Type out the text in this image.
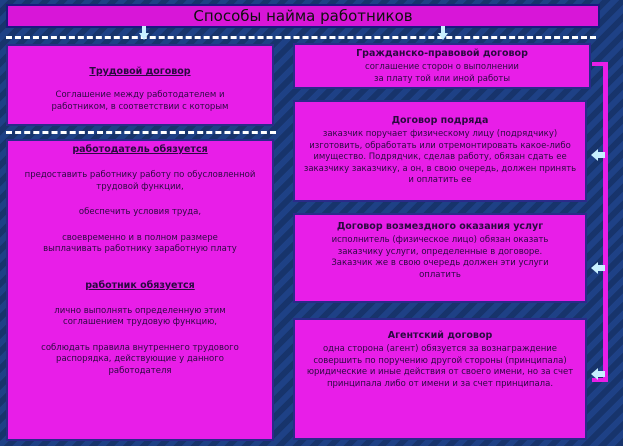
Способы найма работников
Трудовой договор
Соглашение между работодателем и работником, в соответствии с которым
работодатель обязуется
предоставить работнику работу по обусловленной трудовой функции,
обеспечить условия труда,
своевременно и в полном размере выплачивать работнику заработную плату
работник обязуется
лично выполнять определенную этим соглашением трудовую функцию,
соблюдать правила внутреннего трудового распорядка, действующие у данного работодателя
Гражданско-правовой договор
соглашение сторон о выполнении за плату той или иной работы
Договор подряда
заказчик поручает физическому лицу (подрядчику) изготовить, обработать или отремонтировать какое-либо имущество. Подрядчик, сделав работу, обязан сдать ее заказчику заказчику, а он, в свою очередь, должен принять и оплатить ее
Договор возмездного оказания услуг
исполнитель (физическое лицо) обязан оказать заказчику услуги, определенные в договоре. Заказчик же в свою очередь должен эти услуги оплатить
Агентский договор
одна сторона (агент) обязуется за вознаграждение совершить по поручению другой стороны (принципала) юридические и иные действия от своего имени, но за счет принципала либо от имени и за счет принципала.
